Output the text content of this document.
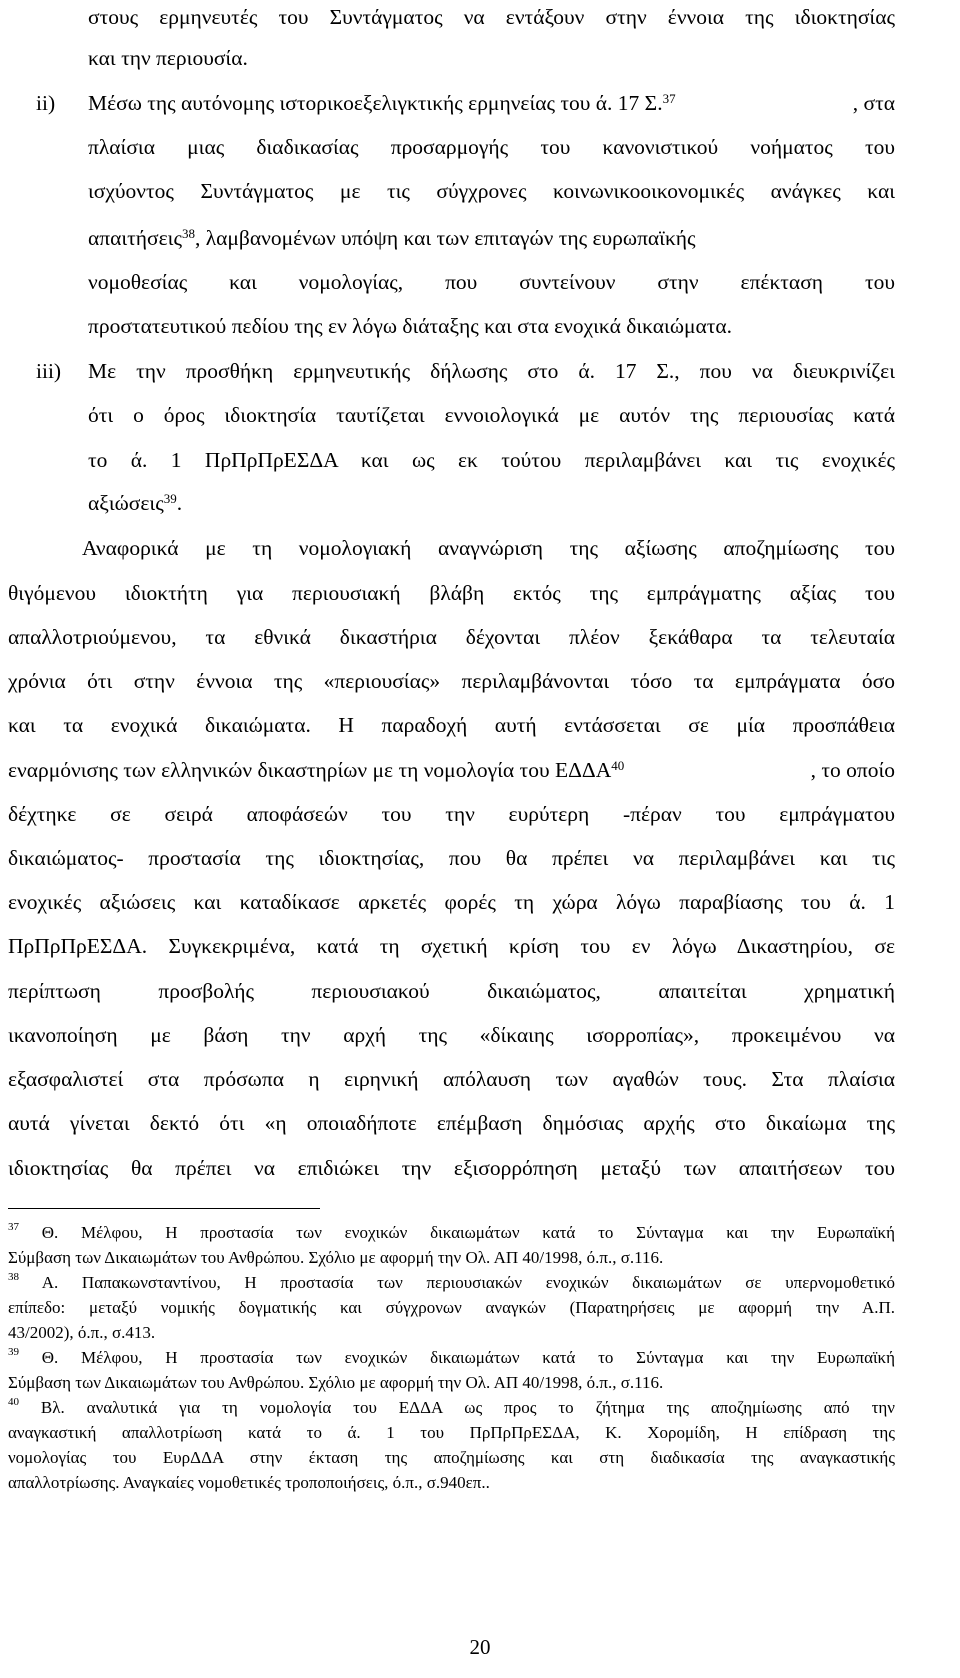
στους ερμηνευτές του Συντάγματος να εντάξουν στην έννοια της ιδιοκτησίας
και την περιουσία.
ii) Μέσω της αυτόνομης ιστορικοεξελιγκτικής ερμηνείας του ά. 17 Σ.$^{37}$	, στα
πλαίσια μιας διαδικασίας προσαρμογής του κανονιστικού νοήματος του
ισχύοντος Συντάγματος με τις σύγχρονες κοινωνικοοικονομικές ανάγκες και
απαιτήσεις$^{38}$, λαμβανομένων υπόψη και των επιταγών της ευρωπαϊκής
νομοθεσίας και νομολογίας, που συντείνουν στην επέκταση του
προστατευτικού πεδίου της εν λόγω διάταξης και στα ενοχικά δικαιώματα.
iii) Με την προσθήκη ερμηνευτικής δήλωσης στο ά. 17 Σ., που να διευκρινίζει
ότι ο όρος ιδιοκτησία ταυτίζεται εννοιολογικά με αυτόν της περιουσίας κατά
το ά. 1 ΠρΠρΠρΕΣΔΑ και ως εκ τούτου περιλαμβάνει και τις ενοχικές
αξιώσεις$^{39}$.
Αναφορικά με τη νομολογιακή αναγνώριση της αξίωσης αποζημίωσης του
θιγόμενου ιδιοκτήτη για περιουσιακή βλάβη εκτός της εμπράγματης αξίας του
απαλλοτριούμενου, τα εθνικά δικαστήρια δέχονται πλέον ξεκάθαρα τα τελευταία
χρόνια ότι στην έννοια της «περιουσίας» περιλαμβάνονται τόσο τα εμπράγματα όσο
και τα ενοχικά δικαιώματα. Η παραδοχή αυτή εντάσσεται σε μία προσπάθεια
εναρμόνισης των ελληνικών δικαστηρίων με τη νομολογία του ΕΔΔΑ$^{40}$	, το οποίο
δέχτηκε σε σειρά αποφάσεών του την ευρύτερη -πέραν του εμπράγματου
δικαιώματος- προστασία της ιδιοκτησίας, που θα πρέπει να περιλαμβάνει και τις
ενοχικές αξιώσεις και καταδίκασε αρκετές φορές τη χώρα λόγω παραβίασης του ά. 1
ΠρΠρΠρΕΣΔΑ. Συγκεκριμένα, κατά τη σχετική κρίση του εν λόγω Δικαστηρίου, σε
περίπτωση προσβολής περιουσιακού δικαιώματος, απαιτείται χρηματική
ικανοποίηση με βάση την αρχή της «δίκαιης ισορροπίας», προκειμένου να
εξασφαλιστεί στα πρόσωπα η ειρηνική απόλαυση των αγαθών τους. Στα πλαίσια
αυτά γίνεται δεκτό ότι «η οποιαδήποτε επέμβαση δημόσιας αρχής στο δικαίωμα της
ιδιοκτησίας θα πρέπει να επιδιώκει την εξισορρόπηση μεταξύ των απαιτήσεων του
$^{37}$ Θ. Μέλφου, Η προστασία των ενοχικών δικαιωμάτων κατά το Σύνταγμα και την Ευρωπαϊκή
Σύμβαση των Δικαιωμάτων του Ανθρώπου. Σχόλιο με αφορμή την Ολ. ΑΠ 40/1998, ό.π., σ.116.
$^{38}$ Α. Παπακωνσταντίνου, Η προστασία των περιουσιακών ενοχικών δικαιωμάτων σε υπερνομοθετικό
επίπεδο: μεταξύ νομικής δογματικής και σύγχρονων αναγκών (Παρατηρήσεις με αφορμή την Α.Π.
43/2002), ό.π., σ.413.
$^{39}$ Θ. Μέλφου, Η προστασία των ενοχικών δικαιωμάτων κατά το Σύνταγμα και την Ευρωπαϊκή
Σύμβαση των Δικαιωμάτων του Ανθρώπου. Σχόλιο με αφορμή την Ολ. ΑΠ 40/1998, ό.π., σ.116.
$^{40}$ Βλ. αναλυτικά για τη νομολογία του ΕΔΔΑ ως προς το ζήτημα της αποζημίωσης από την
αναγκαστική απαλλοτρίωση κατά το ά. 1 του ΠρΠρΠρΕΣΔΑ, Κ. Χορομίδη, Η επίδραση της
νομολογίας του ΕυρΔΔΑ στην έκταση της αποζημίωσης και στη διαδικασία της αναγκαστικής
απαλλοτρίωσης. Αναγκαίες νομοθετικές τροποποιήσεις, ό.π., σ.940επ..
20
